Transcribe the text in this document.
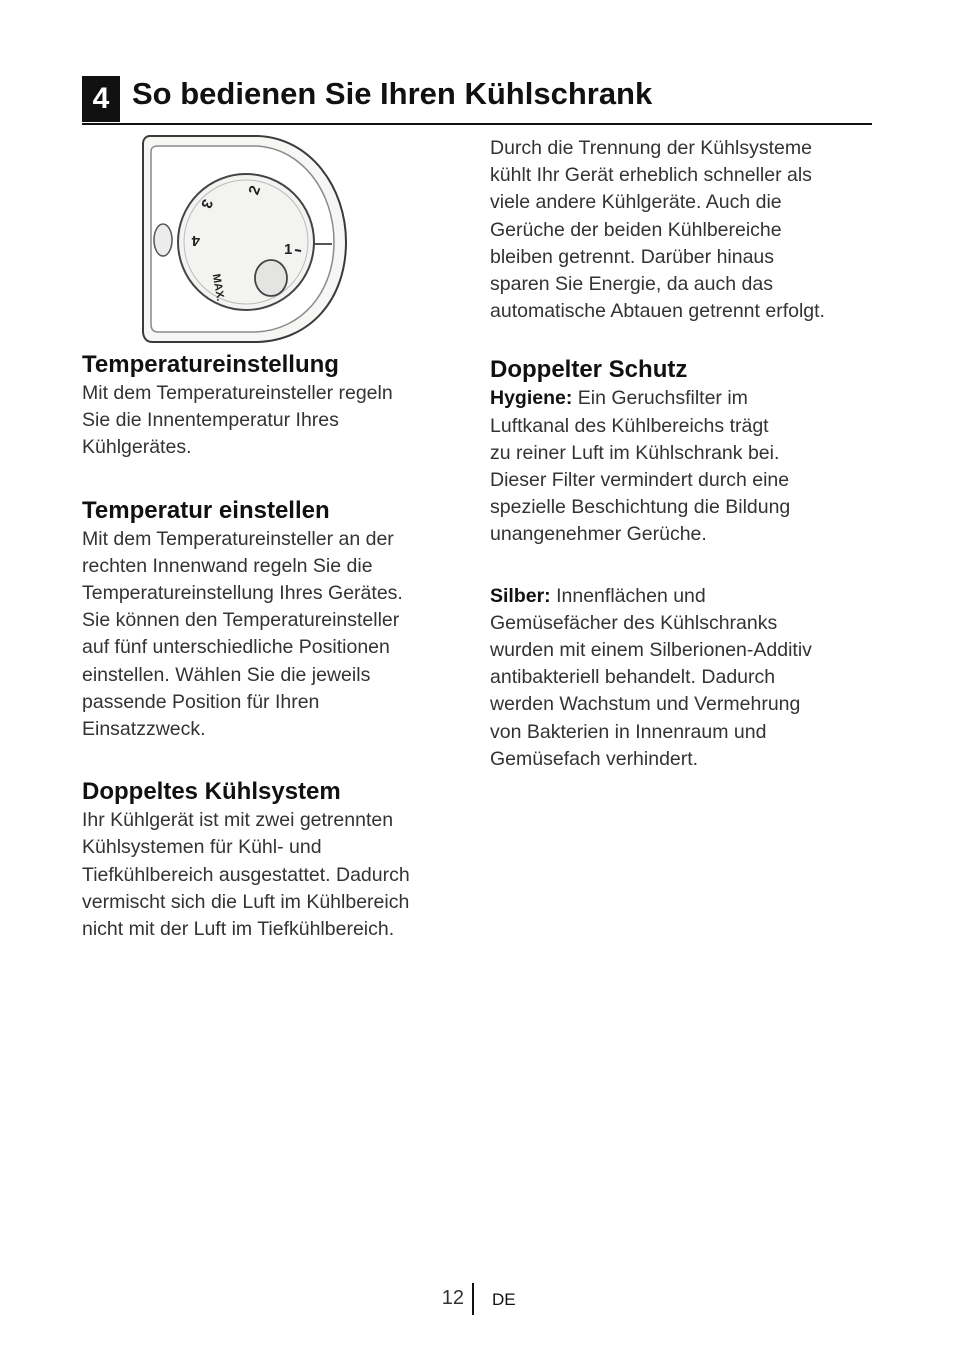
4 So bedienen Sie Ihren Kühlschrank
1
2
3
4
MAX.
Temperatureinstellung

Mit dem Temperatureinsteller regeln
Sie die Innentemperatur Ihres
Kühlgerätes.

Temperatur einstellen

Mit dem Temperatureinsteller an der
rechten Innenwand regeln Sie die
Temperatureinstellung Ihres Gerätes.
Sie können den Temperatureinsteller
auf fünf unterschiedliche Positionen
einstellen. Wählen Sie die jeweils
passende Position für Ihren
Einsatzzweck.

Doppeltes Kühlsystem

Ihr Kühlgerät ist mit zwei getrennten
Kühlsystemen für Kühl- und
Tiefkühlbereich ausgestattet. Dadurch
vermischt sich die Luft im Kühlbereich
nicht mit der Luft im Tiefkühlbereich.

Durch die Trennung der Kühlsysteme
kühlt Ihr Gerät erheblich schneller als
viele andere Kühlgeräte. Auch die
Gerüche der beiden Kühlbereiche
bleiben getrennt. Darüber hinaus
sparen Sie Energie, da auch das
automatische Abtauen getrennt erfolgt.

Doppelter Schutz

Hygiene: Ein Geruchsfilter im
Luftkanal des Kühlbereichs trägt
zu reiner Luft im Kühlschrank bei.
Dieser Filter vermindert durch eine
spezielle Beschichtung die Bildung
unangenehmer Gerüche.

Silber: Innenflächen und
Gemüsefächer des Kühlschranks
wurden mit einem Silberionen-Additiv
antibakteriell behandelt. Dadurch
werden Wachstum und Vermehrung
von Bakterien in Innenraum und
Gemüsefach verhindert.

12 DE
